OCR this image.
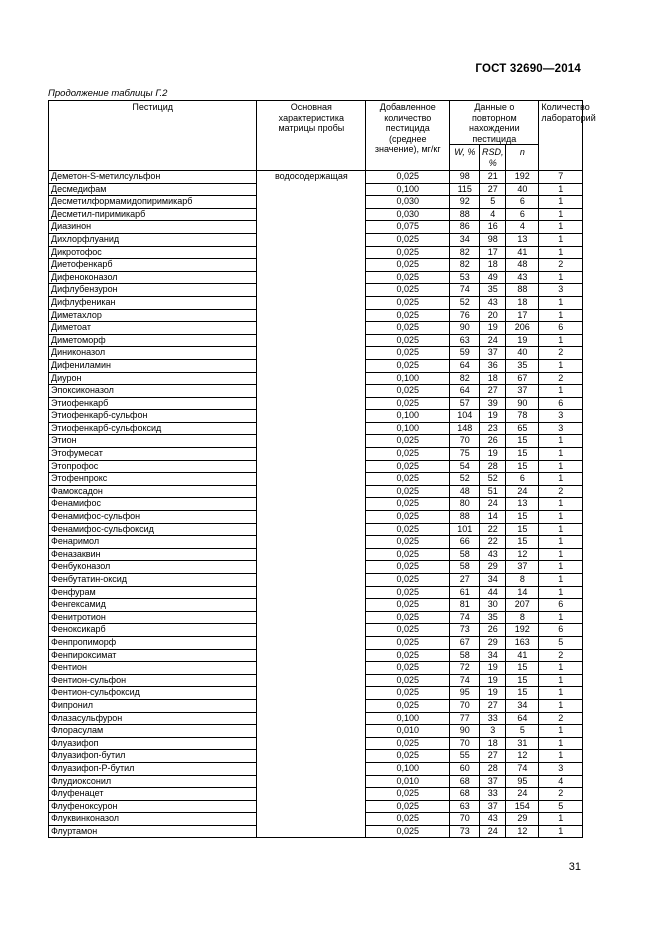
ГОСТ 32690—2014
Продолжение таблицы Г.2
Пестицид	Основная характеристика матрицы пробы	Добавленное количество пестицида (среднее значение), мг/кг	Данные о повторном нахождении пестицида			Количество лабораторий
			W, %	RSD, %	n	
Деметон-S-метилсульфон	водосодержащая	0,025	98	21	192	7
Десмедифам		0,100	115	27	40	1
Десметилформамидопиримикарб		0,030	92	5	6	1
Десметил-пиримикарб		0,030	88	4	6	1
Диазинон		0,075	86	16	4	1
Дихлорфлуанид		0,025	34	98	13	1
Дикротофос		0,025	82	17	41	1
Диетофенкарб		0,025	82	18	48	2
Дифеноконазол		0,025	53	49	43	1
Дифлубензурон		0,025	74	35	88	3
Дифлуфеникан		0,025	52	43	18	1
Диметахлор		0,025	76	20	17	1
Диметоат		0,025	90	19	206	6
Диметоморф		0,025	63	24	19	1
Диниконазол		0,025	59	37	40	2
Дифениламин		0,025	64	36	35	1
Диурон		0,100	82	18	67	2
Эпоксиконазол		0,025	64	27	37	1
Этиофенкарб		0,025	57	39	90	6
Этиофенкарб-сульфон		0,100	104	19	78	3
Этиофенкарб-сульфоксид		0,100	148	23	65	3
Этион		0,025	70	26	15	1
Этофумесат		0,025	75	19	15	1
Этопрофос		0,025	54	28	15	1
Этофенпрокс		0,025	52	52	6	1
Фамоксадон		0,025	48	51	24	2
Фенамифос		0,025	80	24	13	1
Фенамифос-сульфон		0,025	88	14	15	1
Фенамифос-сульфоксид		0,025	101	22	15	1
Фенаримол		0,025	66	22	15	1
Феназаквин		0,025	58	43	12	1
Фенбуконазол		0,025	58	29	37	1
Фенбутатин-оксид		0,025	27	34	8	1
Фенфурам		0,025	61	44	14	1
Фенгексамид		0,025	81	30	207	6
Фенитротион		0,025	74	35	8	1
Феноксикарб		0,025	73	26	192	6
Фенпропиморф		0,025	67	29	163	5
Фенпироксимат		0,025	58	34	41	2
Фентион		0,025	72	19	15	1
Фентион-сульфон		0,025	74	19	15	1
Фентион-сульфоксид		0,025	95	19	15	1
Фипронил		0,025	70	27	34	1
Флазасульфурон		0,100	77	33	64	2
Флорасулам		0,010	90	3	5	1
Флуазифоп		0,025	70	18	31	1
Флуазифоп-бутил		0,025	55	27	12	1
Флуазифоп-Р-бутил		0,100	60	28	74	3
Флудиоксонил		0,010	68	37	95	4
Флуфенацет		0,025	68	33	24	2
Флуфеноксурон		0,025	63	37	154	5
Флуквинконазол		0,025	70	43	29	1
Флуртамон		0,025	73	24	12	1
31
